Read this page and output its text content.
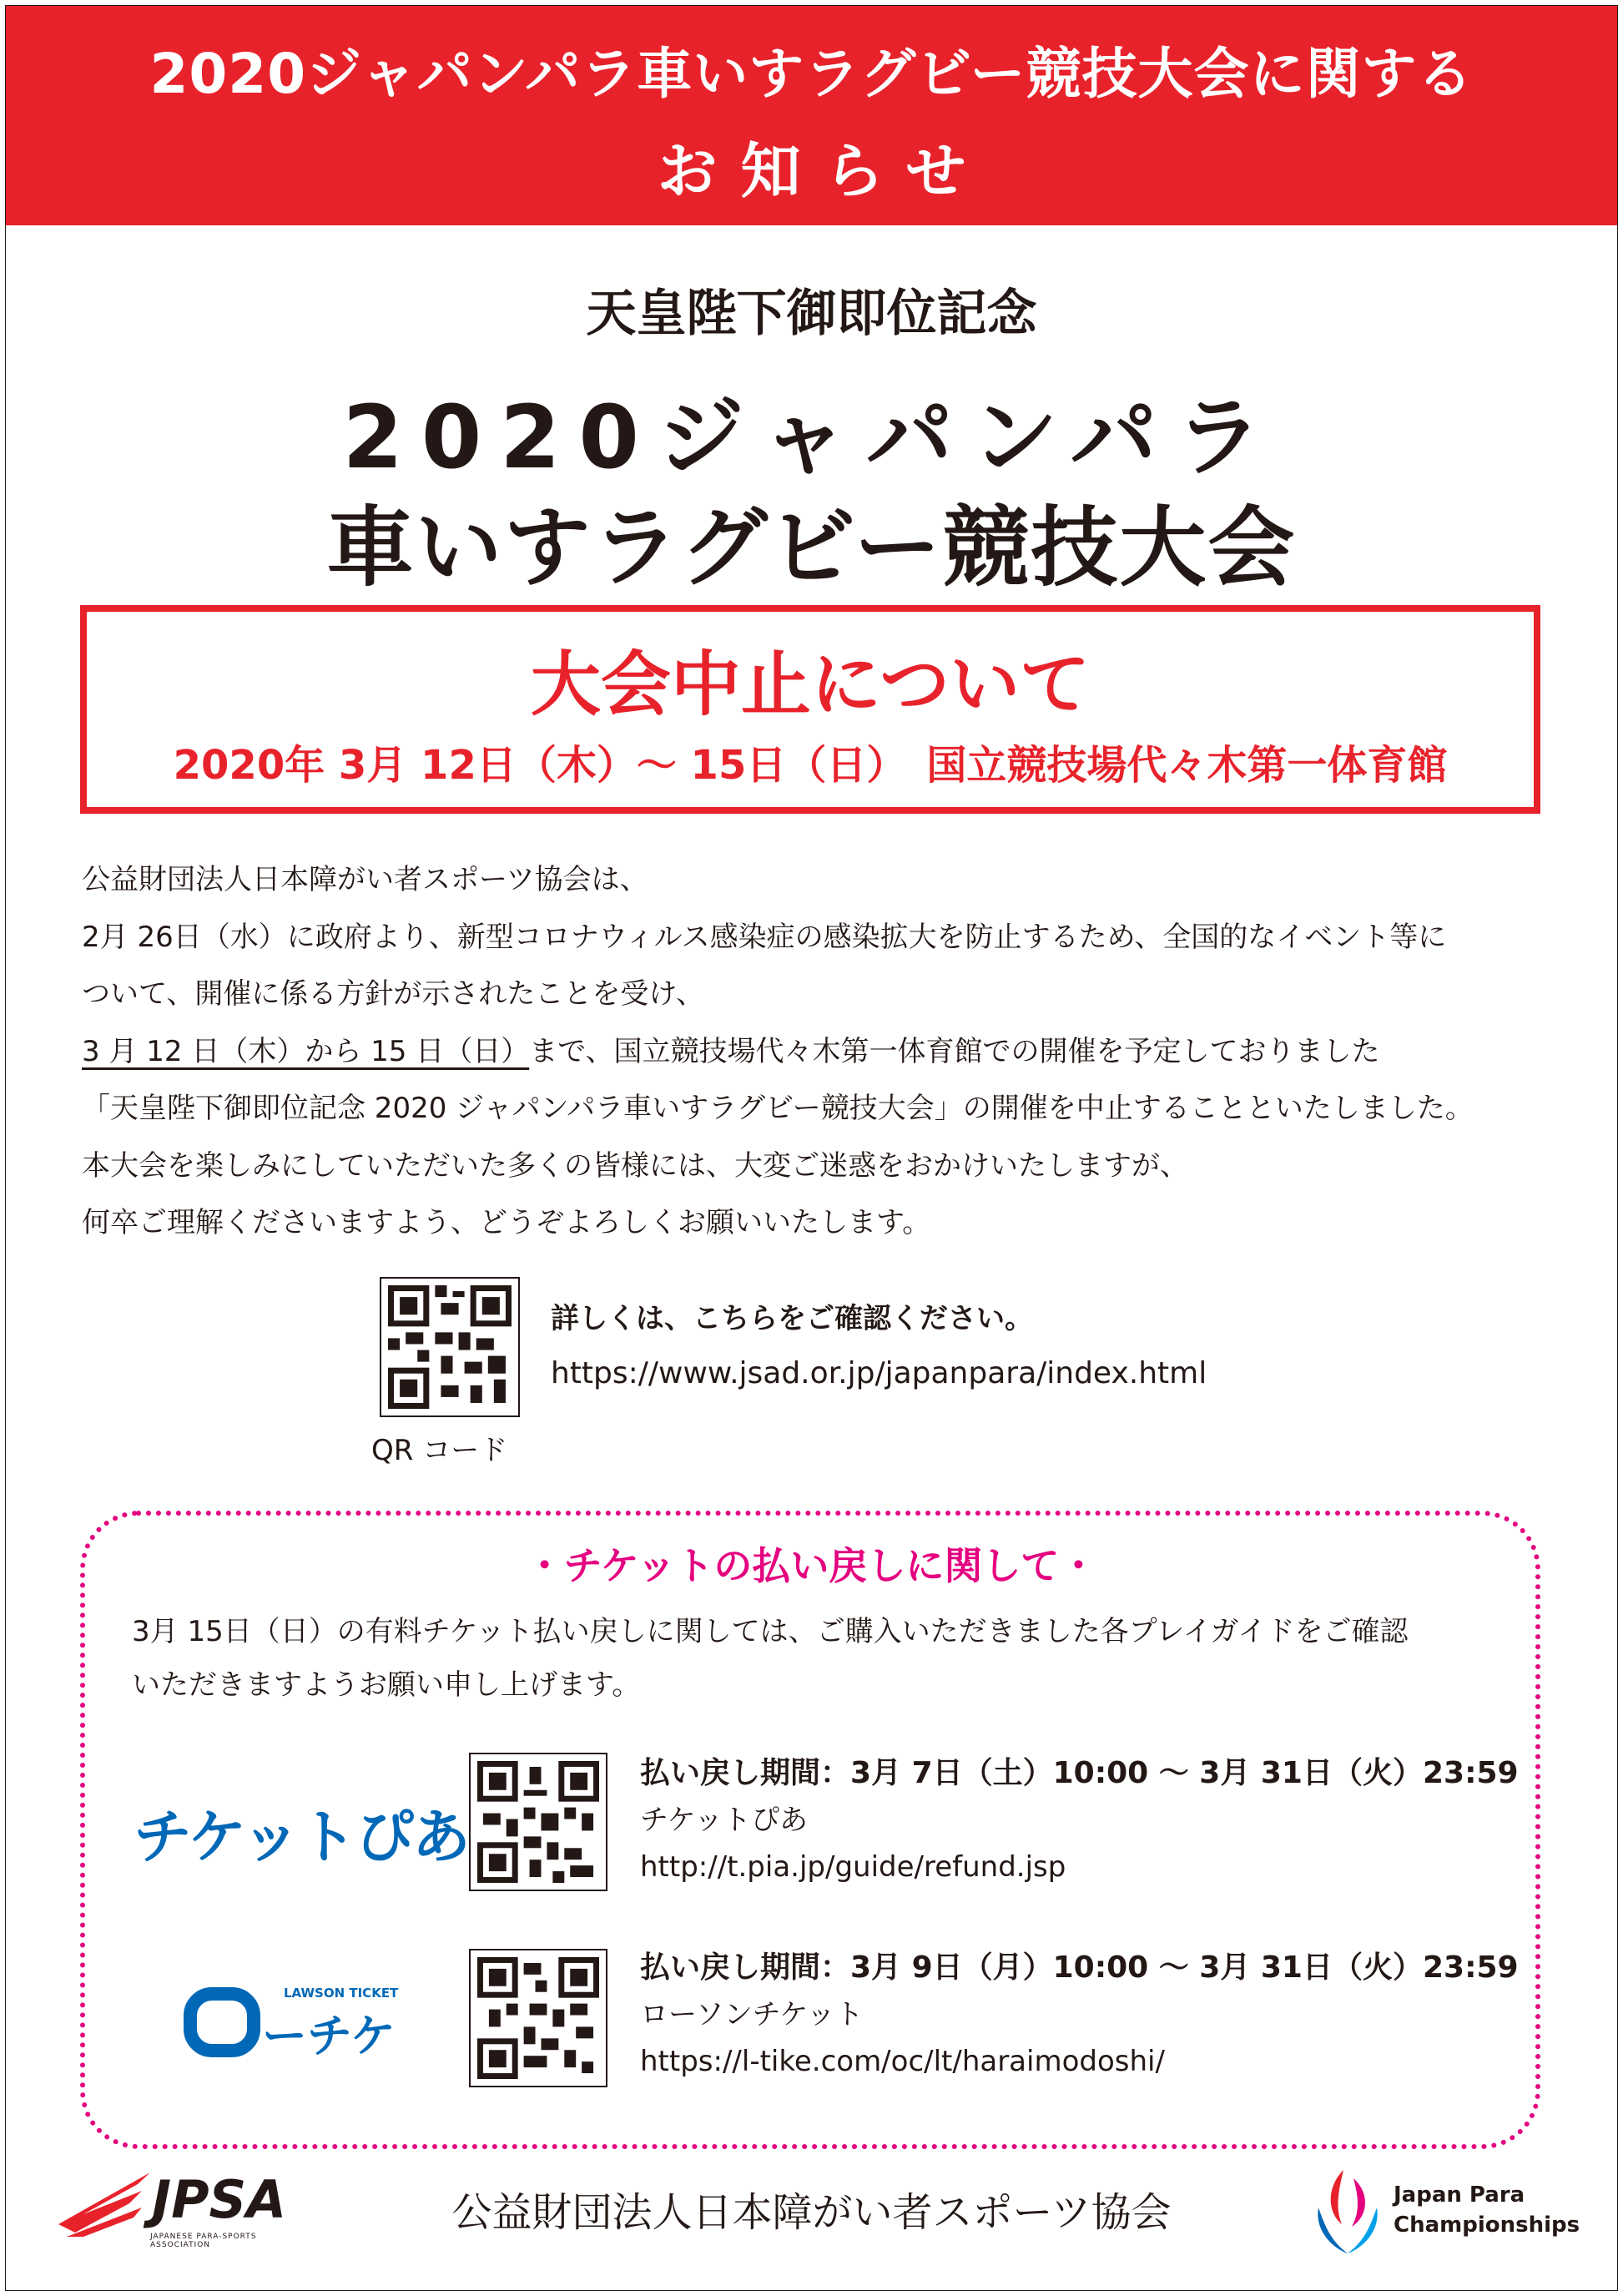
2020ジャパンパラ車いすラグビー競技大会に関する
お知らせ
天皇陛下御即位記念
2020ジャパンパラ
車いすラグビー競技大会
大会中止について
2020年 3月 12日（木）～ 15日（日）　国立競技場代々木第一体育館
公益財団法人日本障がい者スポーツ協会は、
2月 26日（水）に政府より、新型コロナウィルス感染症の感染拡大を防止するため、全国的なイベント等に
ついて、開催に係る方針が示されたことを受け、
3 月 12 日（木）から 15 日（日）まで、国立競技場代々木第一体育館での開催を予定しておりました
「天皇陛下御即位記念 2020 ジャパンパラ車いすラグビー競技大会」の開催を中止することといたしました。
本大会を楽しみにしていただいた多くの皆様には、大変ご迷惑をおかけいたしますが、
何卒ご理解くださいますよう、どうぞよろしくお願いいたします。
QR コード
詳しくは、こちらをご確認ください。
https://www.jsad.or.jp/japanpara/index.html
・チケットの払い戻しに関して・
3月 15日（日）の有料チケット払い戻しに関しては、ご購入いただきました各プレイガイドをご確認
いただきますようお願い申し上げます。
チケットぴあ
払い戻し期間：3月 7日（土）10:00 ～ 3月 31日（火）23:59
チケットぴあ
http://t.pia.jp/guide/refund.jsp
LAWSON TICKET
ーチケ
払い戻し期間：3月 9日（月）10:00 ～ 3月 31日（火）23:59
ローソンチケット
https://l-tike.com/oc/lt/haraimodoshi/
JPSA
JAPANESE PARA-SPORTS ASSOCIATION
公益財団法人日本障がい者スポーツ協会	Japan Para
Championships
